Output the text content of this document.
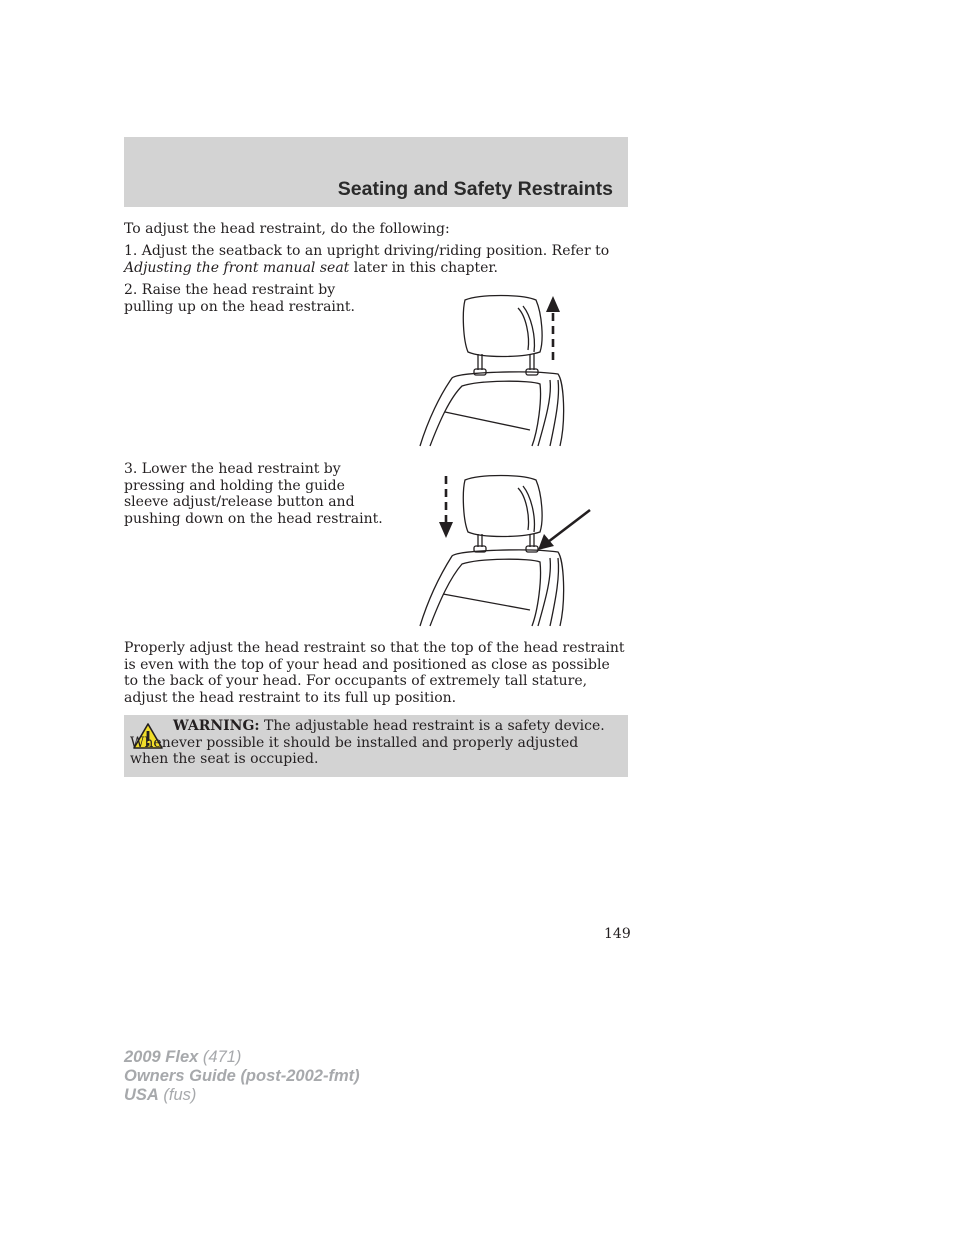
Seating and Safety Restraints

To adjust the head restraint, do the following:

1. Adjust the seatback to an upright driving/riding position. Refer to Adjusting the front manual seat later in this chapter.

2. Raise the head restraint by
pulling up on the head restraint.
3. Lower the head restraint by
pressing and holding the guide
sleeve adjust/release button and
pushing down on the head restraint.

Properly adjust the head restraint so that the top of the head restraint is even with the top of your head and positioned as close as possible to the back of your head. For occupants of extremely tall stature, adjust the head restraint to its full up position.

WARNING: The adjustable head restraint is a safety device. Whenever possible it should be installed and properly adjusted when the seat is occupied.
149
2009 Flex (471)
Owners Guide (post-2002-fmt)
USA (fus)
